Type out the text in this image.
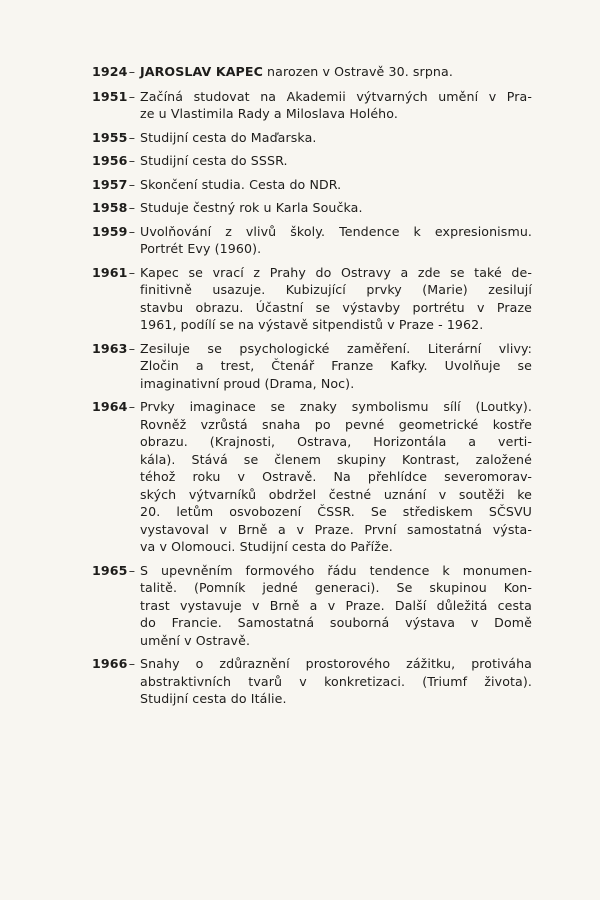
1924 – JAROSLAV KAPEC narozen v Ostravě 30. srpna.
1951 – Začíná studovat na Akademii výtvarných umění v Pra-
ze u Vlastimila Rady a Miloslava Holého.
1955 – Studijní cesta do Maďarska.
1956 – Studijní cesta do SSSR.
1957 – Skončení studia. Cesta do NDR.
1958 – Studuje čestný rok u Karla Součka.
1959 – Uvolňování z vlivů školy. Tendence k expresionismu.
Portrét Evy (1960).
1961 – Kapec se vrací z Prahy do Ostravy a zde se také de-
finitivně usazuje. Kubizující prvky (Marie) zesilují
stavbu obrazu. Účastní se výstavby portrétu v Praze
1961, podílí se na výstavě sitpendistů v Praze - 1962.
1963 – Zesiluje se psychologické zaměření. Literární vlivy:
Zločin a trest, Čtenář Franze Kafky. Uvolňuje se
imaginativní proud (Drama, Noc).
1964 – Prvky imaginace se znaky symbolismu sílí (Loutky).
Rovněž vzrůstá snaha po pevné geometrické kostře
obrazu. (Krajnosti, Ostrava, Horizontála a verti-
kála). Stává se členem skupiny Kontrast, založené
téhož roku v Ostravě. Na přehlídce severomorav-
ských výtvarníků obdržel čestné uznání v soutěži ke
20. letům osvobození ČSSR. Se střediskem SČSVU
vystavoval v Brně a v Praze. První samostatná výsta-
va v Olomouci. Studijní cesta do Paříže.
1965 – S upevněním formového řádu tendence k monumen-
talitě. (Pomník jedné generaci). Se skupinou Kon-
trast vystavuje v Brně a v Praze. Další důležitá cesta
do Francie. Samostatná souborná výstava v Domě
umění v Ostravě.
1966 – Snahy o zdůraznění prostorového zážitku, protiváha
abstraktivních tvarů v konkretizaci. (Triumf života).
Studijní cesta do Itálie.
